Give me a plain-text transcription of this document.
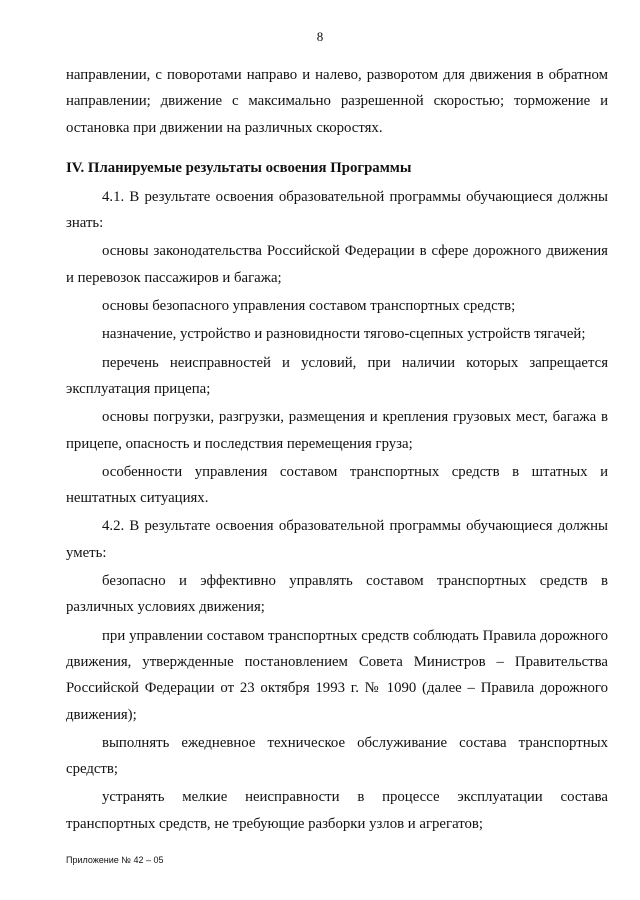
8

направлении, с поворотами направо и налево, разворотом для движения в обратном направлении; движение с максимально разрешенной скоростью; торможение и остановка при движении на различных скоростях.

IV. Планируемые результаты освоения Программы

4.1. В результате освоения образовательной программы обучающиеся должны знать:

основы законодательства Российской Федерации в сфере дорожного движения и перевозок пассажиров и багажа;

основы безопасного управления составом транспортных средств;

назначение, устройство и разновидности тягово-сцепных устройств тягачей;

перечень неисправностей и условий, при наличии которых запрещается эксплуатация прицепа;

основы погрузки, разгрузки, размещения и крепления грузовых мест, багажа в прицепе, опасность и последствия перемещения груза;

особенности управления составом транспортных средств в штатных и нештатных ситуациях.

4.2. В результате освоения образовательной программы обучающиеся должны уметь:

безопасно и эффективно управлять составом транспортных средств в различных условиях движения;

при управлении составом транспортных средств соблюдать Правила дорожного движения, утвержденные постановлением Совета Министров – Правительства Российской Федерации от 23 октября 1993 г. № 1090 (далее – Правила дорожного движения);

выполнять ежедневное техническое обслуживание состава транспортных средств;

устранять мелкие неисправности в процессе эксплуатации состава транспортных средств, не требующие разборки узлов и агрегатов;

Приложение № 42 – 05
